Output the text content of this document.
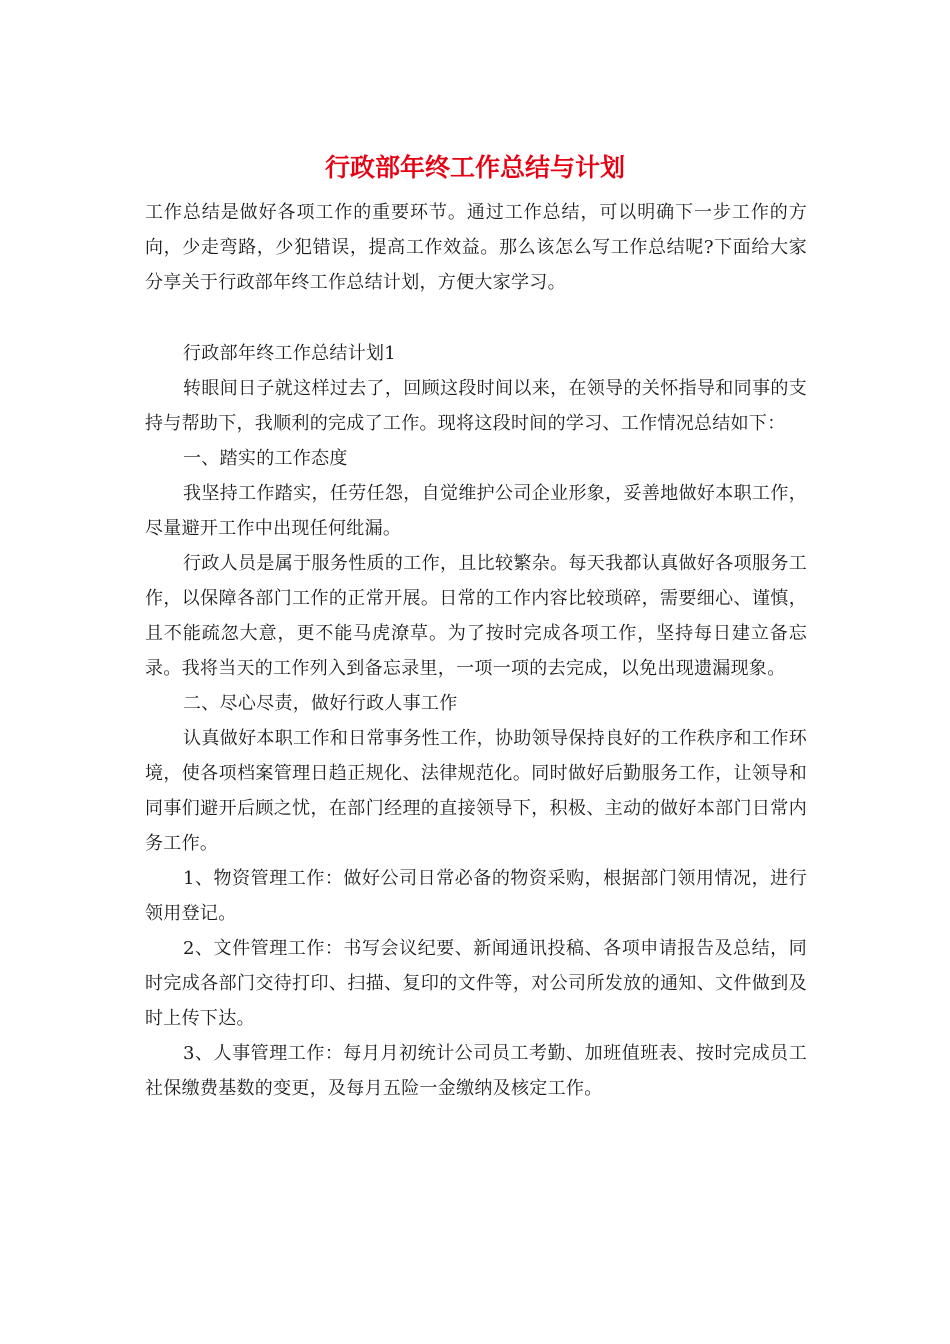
行政部年终工作总结与计划

工作总结是做好各项工作的重要环节。通过工作总结，可以明确下一步工作的方向，少走弯路，少犯错误，提高工作效益。那么该怎么写工作总结呢?下面给大家分享关于行政部年终工作总结计划，方便大家学习。

行政部年终工作总结计划1

转眼间日子就这样过去了，回顾这段时间以来，在领导的关怀指导和同事的支持与帮助下，我顺利的完成了工作。现将这段时间的学习、工作情况总结如下：

一、踏实的工作态度

我坚持工作踏实，任劳任怨，自觉维护公司企业形象，妥善地做好本职工作，尽量避开工作中出现任何纰漏。

行政人员是属于服务性质的工作，且比较繁杂。每天我都认真做好各项服务工作，以保障各部门工作的正常开展。日常的工作内容比较琐碎，需要细心、谨慎，且不能疏忽大意，更不能马虎潦草。为了按时完成各项工作，坚持每日建立备忘录。我将当天的工作列入到备忘录里，一项一项的去完成，以免出现遗漏现象。

二、尽心尽责，做好行政人事工作

认真做好本职工作和日常事务性工作，协助领导保持良好的工作秩序和工作环境，使各项档案管理日趋正规化、法律规范化。同时做好后勤服务工作，让领导和同事们避开后顾之忧，在部门经理的直接领导下，积极、主动的做好本部门日常内务工作。

1、物资管理工作：做好公司日常必备的物资采购，根据部门领用情况，进行领用登记。

2、文件管理工作：书写会议纪要、新闻通讯投稿、各项申请报告及总结，同时完成各部门交待打印、扫描、复印的文件等，对公司所发放的通知、文件做到及时上传下达。

3、人事管理工作：每月月初统计公司员工考勤、加班值班表、按时完成员工社保缴费基数的变更，及每月五险一金缴纳及核定工作。
